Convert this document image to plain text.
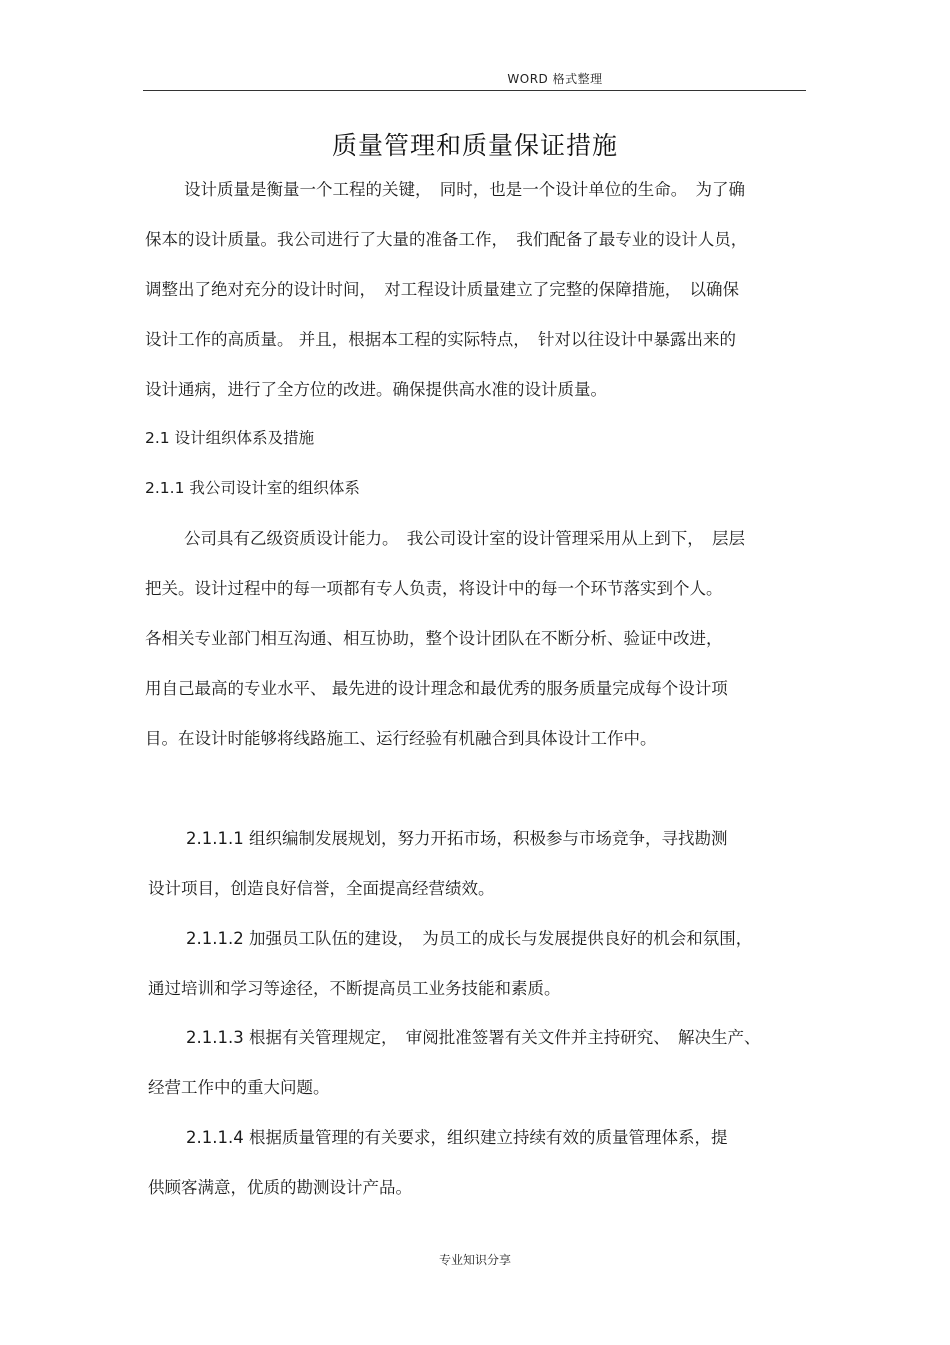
WORD 格式整理
质量管理和质量保证措施
设计质量是衡量一个工程的关键，　同时，也是一个设计单位的生命。　为了确
保本的设计质量。我公司进行了大量的准备工作，　我们配备了最专业的设计人员，
调整出了绝对充分的设计时间，　对工程设计质量建立了完整的保障措施，　以确保
设计工作的高质量。 并且，根据本工程的实际特点，　针对以往设计中暴露出来的
设计通病，进行了全方位的改进。确保提供高水准的设计质量。
2.1 设计组织体系及措施
2.1.1 我公司设计室的组织体系
公司具有乙级资质设计能力。　我公司设计室的设计管理采用从上到下，　层层
把关。设计过程中的每一项都有专人负责，将设计中的每一个环节落实到个人。
各相关专业部门相互沟通、相互协助，整个设计团队在不断分析、验证中改进，
用自己最高的专业水平、 最先进的设计理念和最优秀的服务质量完成每个设计项
目。在设计时能够将线路施工、运行经验有机融合到具体设计工作中。
2.1.1.1 组织编制发展规划，努力开拓市场，积极参与市场竞争，寻找勘测
设计项目，创造良好信誉，全面提高经营绩效。
2.1.1.2 加强员工队伍的建设，　为员工的成长与发展提供良好的机会和氛围，
通过培训和学习等途径，不断提高员工业务技能和素质。
2.1.1.3 根据有关管理规定，　审阅批准签署有关文件并主持研究、　解决生产、
经营工作中的重大问题。
2.1.1.4 根据质量管理的有关要求，组织建立持续有效的质量管理体系，提
供顾客满意，优质的勘测设计产品。
专业知识分享
